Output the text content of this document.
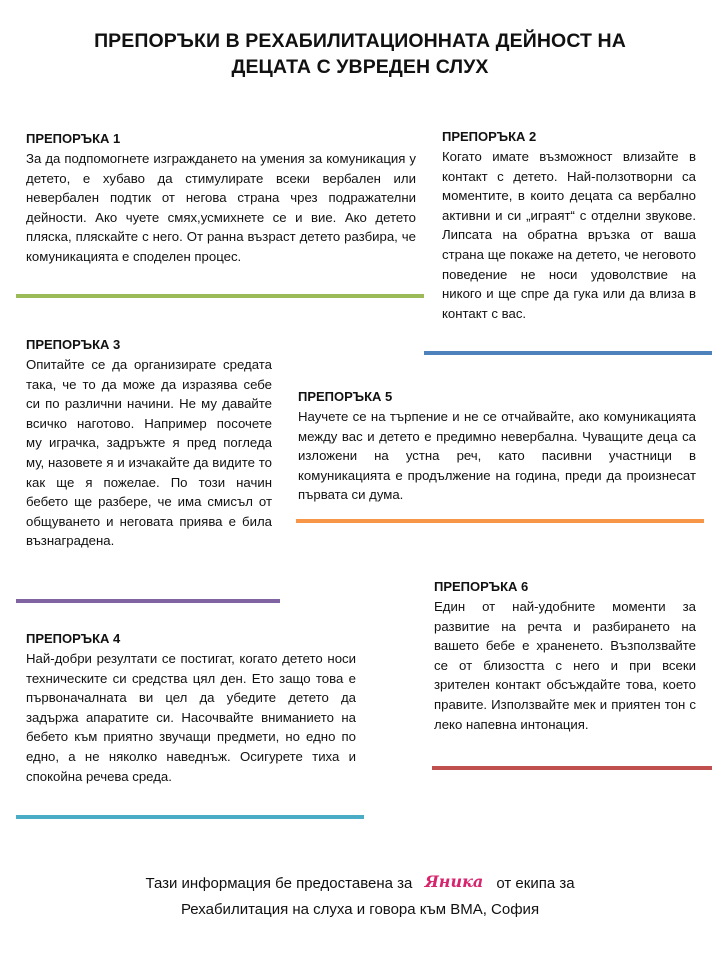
ПРЕПОРЪКИ В РЕХАБИЛИТАЦИОННАТА ДЕЙНОСТ НА
ДЕЦАТА С УВРЕДЕН СЛУХ
ПРЕПОРЪКА 1
За да подпомогнете изграждането на умения за комуникация у детето, е хубаво да стимулирате всеки вербален или невербален подтик от негова страна чрез подражателни дейности. Ако чуете смях,усмихнете се и вие. Ако детето пляска, пляскайте с него. От ранна възраст детето разбира, че комуникацията е споделен процес.
ПРЕПОРЪКА 2
Когато имате възможност влизайте в контакт с детето. Най-ползотворни са моментите, в които децата са вербално активни и си „играят“ с отделни звукове. Липсата на обратна връзка от ваша страна ще покаже на детето, че неговото поведение не носи удоволствие на никого и ще спре да гука или да влиза в контакт с вас.
ПРЕПОРЪКА 3
Опитайте се да организирате средата така, че то да може да изразява себе си по различни начини. Не му давайте всичко наготово. Например посочете му играчка, задръжте я пред погледа му, назовете я и изчакайте да видите то как ще я пожелае. По този начин бебето ще разбере, че има смисъл от общуването и неговата приява е била възнаградена.
ПРЕПОРЪКА 5
Научете се на търпение и не се отчайвайте, ако комуникацията между вас и детето е предимно невербална. Чуващите деца са изложени на устна реч, като пасивни участници в комуникацията е продължение на година, преди да произнесат първата си дума.
ПРЕПОРЪКА 6
Един от най-удобните моменти за развитие на речта и разбирането на вашето бебе е храненето. Възползвайте се от близостта с него и при всеки зрителен контакт обсъждайте това, което правите. Използвайте мек и приятен тон с леко напевна интонация.
ПРЕПОРЪКА 4
Най-добри резултати се постигат, когато детето носи техническите си средства цял ден. Ето защо това е първоначалната ви цел да убедите детето да задържа апаратите си. Насочвайте вниманието на бебето към приятно звучащи предмети, но едно по едно, а не няколко наведнъж. Осигурете тиха и спокойна речева среда.
Тази информация бе предоставена за Яника от екипа за
Рехабилитация на слуха и говора към ВМА, София
